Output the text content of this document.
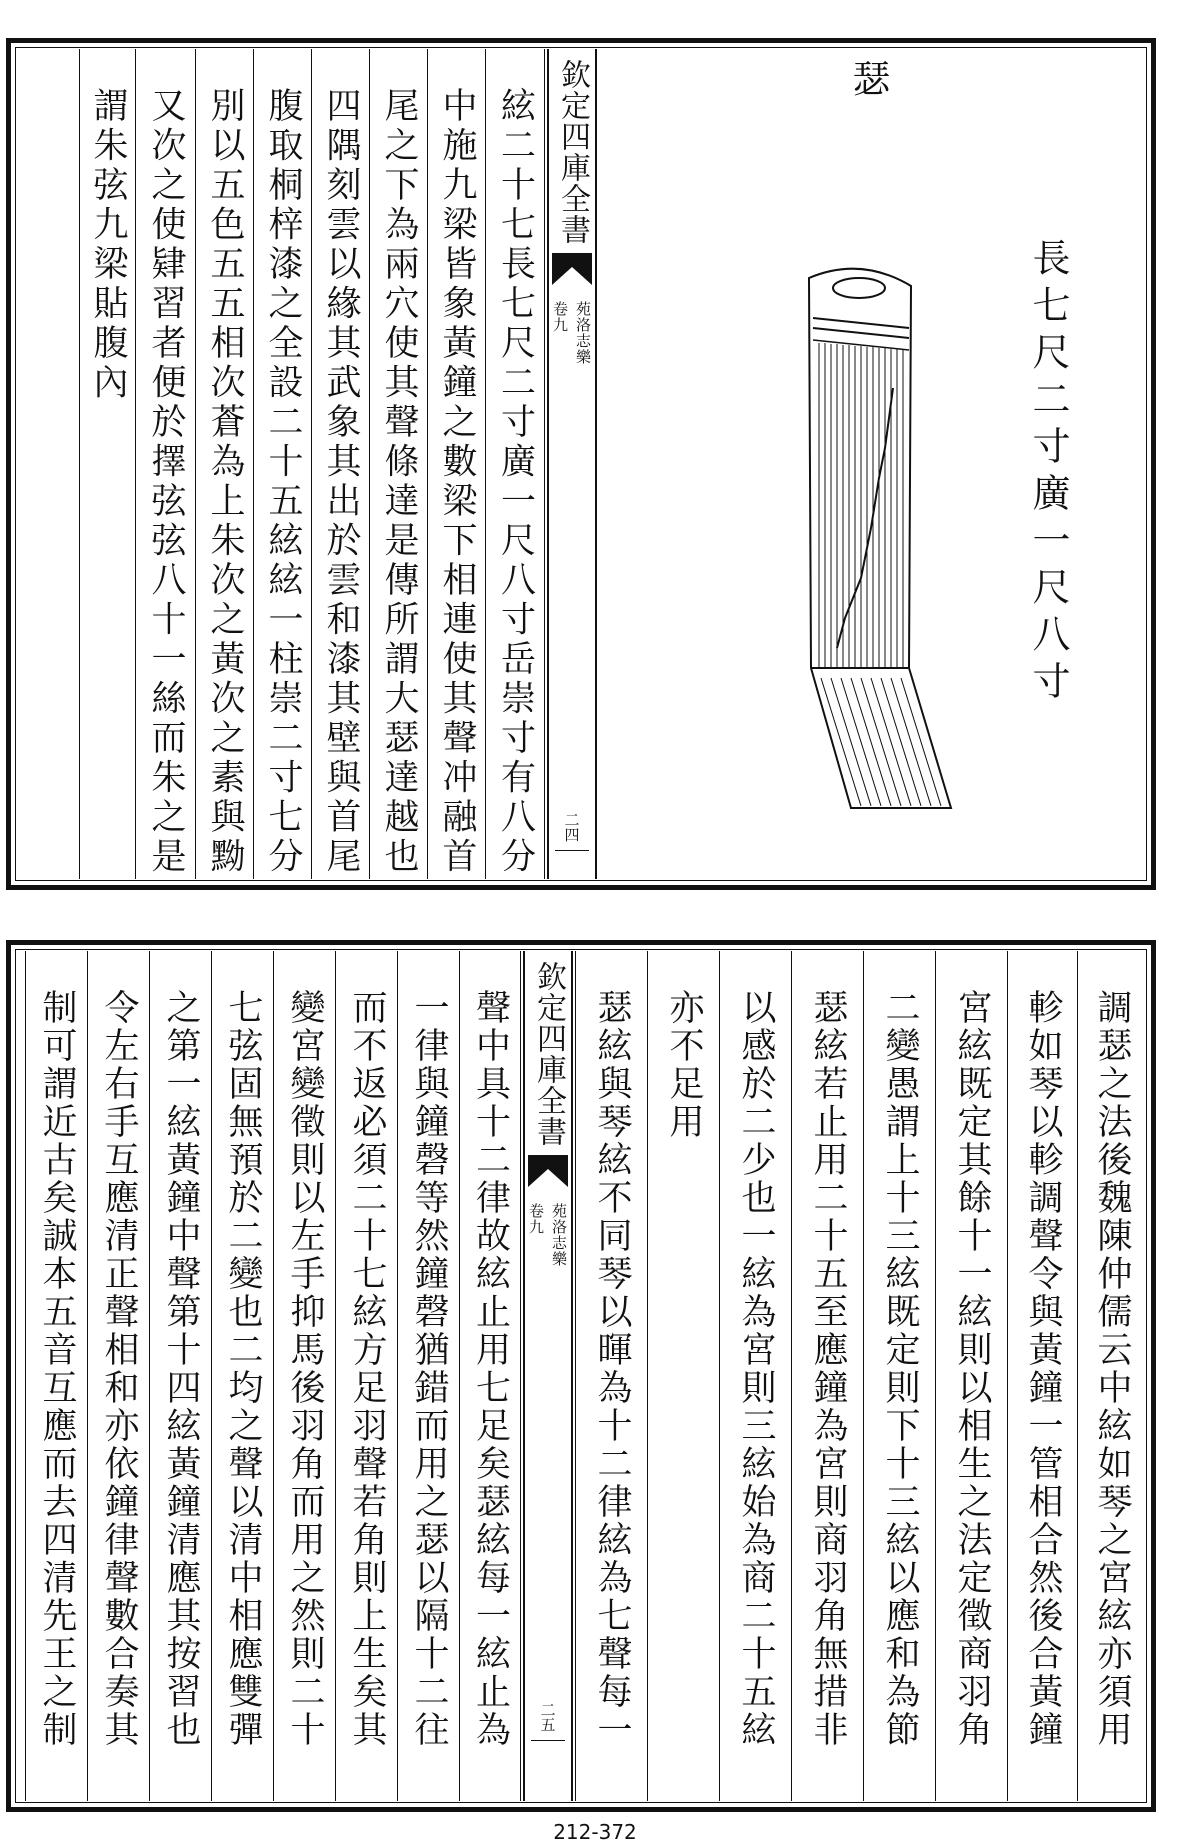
謂朱弦九梁貼腹內 又次之使肄習者便於擇弦弦八十一絲而朱之是 別以五色五五相次蒼為上朱次之黃次之素與黝 腹取桐梓漆之全設二十五絃絃一柱崇二寸七分 四隅刻雲以緣其武象其出於雲和漆其壁與首尾 尾之下為兩穴使其聲條達是傳所謂大瑟達越也 中施九梁皆象黃鐘之數梁下相連使其聲冲融首 絃二十七長七尺二寸廣一尺八寸岳崇寸有八分 欽定四庫全書
苑洛志樂
卷九
二四
瑟
長七尺二寸廣一尺八寸
制可謂近古矣誠本五音互應而去四清先王之制 令左右手互應清正聲相和亦依鐘律聲數合奏其 之第一絃黃鐘中聲第十四絃黃鐘清應其按習也 七弦固無預於二變也二均之聲以清中相應雙彈 變宮變徵則以左手抑馬後羽角而用之然則二十 而不返必須二十七絃方足羽聲若角則上生矣其 一律與鐘磬等然鐘磬猶錯而用之瑟以隔十二往 聲中具十二律故絃止用七足矣瑟絃每一絃止為 欽定四庫全書
苑洛志樂
卷九
二五 瑟絃與琴絃不同琴以暉為十二律絃為七聲每一 亦不足用 以感於二少也一絃為宮則三絃始為商二十五絃 瑟絃若止用二十五至應鐘為宮則商羽角無措非 二變愚謂上十三絃既定則下十三絃以應和為節 宮絃既定其餘十一絃則以相生之法定徵商羽角 軫如琴以軫調聲令與黃鐘一管相合然後合黃鐘 調瑟之法後魏陳仲儒云中絃如琴之宮絃亦須用
212-372
